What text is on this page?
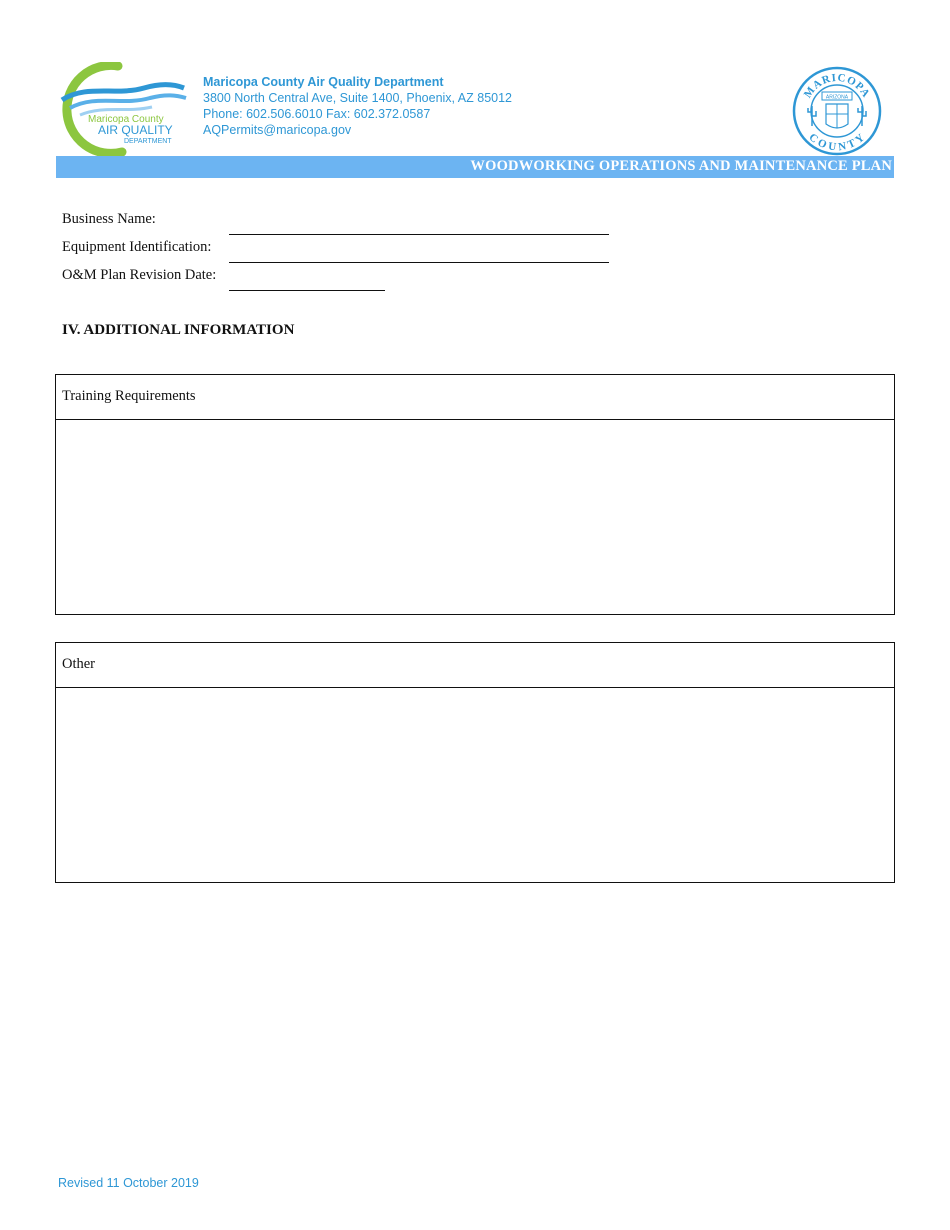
Maricopa County
AIR QUALITY
DEPARTMENT
Maricopa County Air Quality Department
3800 North Central Ave, Suite 1400, Phoenix, AZ 85012
Phone: 602.506.6010 Fax: 602.372.0587
AQPermits@maricopa.gov
MARICOPA
COUNTY
ARIZONA
WOODWORKING OPERATIONS AND MAINTENANCE PLAN
Business Name:
Equipment Identification:
O&M Plan Revision Date:
IV. ADDITIONAL INFORMATION
Training Requirements
Other
Revised 11 October 2019
